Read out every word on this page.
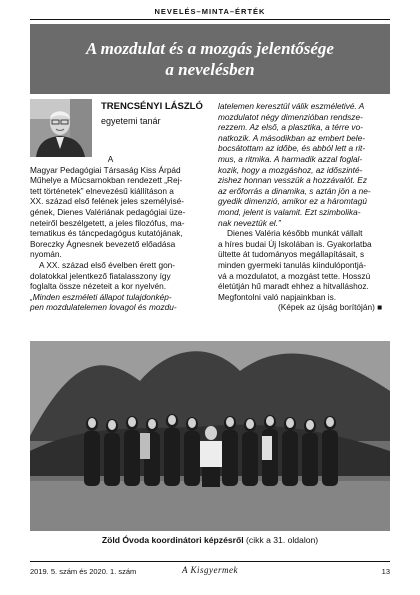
NEVELÉS–MINTA–ÉRTÉK
A mozdulat és a mozgás jelentősége
a nevelésben
TRENCSÉNYI LÁSZLÓ
egyetemi tanár

A

Magyar Pedagógiai Társaság Kiss Árpád

Műhelye a Mūcsarnokban rendezett „Rej-

tett történetek” elnevezésű kiállításon a

XX. század első felének jeles személyisé-

gének, Dienes Valériának pedagógiai üze-

neteiről beszélgetett, a jeles filozófus, ma-

tematikus és táncpedagógus kutatójának,

Boreczky Ágnesnek bevezető előadása

nyomán.

A XX. század első évelben érett gon-

dolatokkal jelentkező fiatalasszony így

foglalta össze nézeteit a kor nyelvén.

„Minden eszméleti állapot tulajdonkép-

pen mozdulatelemen lovagol és mozdu-

latelemen keresztül válik eszméletivé. A

mozdulatot négy dimenzióban rendsze-

rezzem. Az első, a plasztika, a térre vo-

natkozik. A másodikban az embert bele-

bocsátottam az időbe, és abból lett a rit-

mus, a ritmika. A harmadik azzal foglal-

kozik, hogy a mozgáshoz, az időszinté-

zishez honnan vesszük a hozzávalót. Ez

az erőforrás a dinamika, s aztán jön a ne-

gyedik dimenzió, amikor ez a háromtagú

mond, jelent is valamit. Ezt szimbolika-

nak neveztük el.”

Dienes Valéria később munkát vállalt

a híres budai Új Iskolában is. Gyakorlatba

ültette át tudományos megállapításait, s

minden gyermeki tanulás kiindulópontjá-

vá a mozdulatot, a mozgást tette. Hosszú

életútján hű maradt ehhez a hitvalláshoz.

Megfontolni való napjainkban is.

(Képek az újság borítóján) ■

Zöld Óvoda koordinátori képzésről (cikk a 31. oldalon)
2019. 5. szám és 2020. 1. szám	A Kisgyermek	13
